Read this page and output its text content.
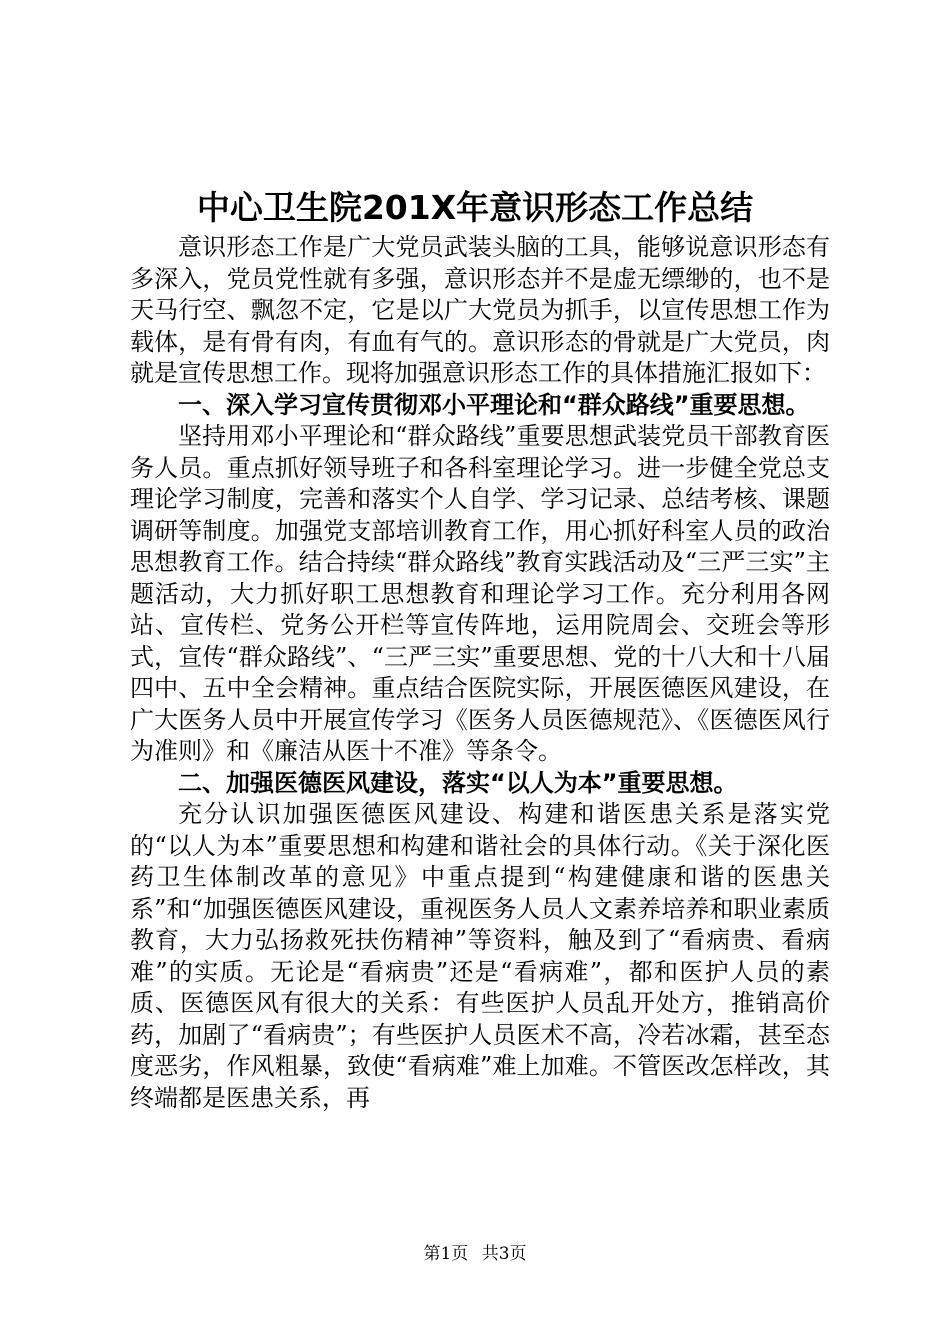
中心卫生院201X年意识形态工作总结

意识形态工作是广大党员武装头脑的工具，能够说意识形态有多深入，党员党性就有多强，意识形态并不是虚无缥缈的，也不是天马行空、飘忽不定，它是以广大党员为抓手，以宣传思想工作为载体，是有骨有肉，有血有气的。意识形态的骨就是广大党员，肉就是宣传思想工作。现将加强意识形态工作的具体措施汇报如下：

一、深入学习宣传贯彻邓小平理论和“群众路线”重要思想。

坚持用邓小平理论和“群众路线”重要思想武装党员干部教育医务人员。重点抓好领导班子和各科室理论学习。进一步健全党总支理论学习制度，完善和落实个人自学、学习记录、总结考核、课题调研等制度。加强党支部培训教育工作，用心抓好科室人员的政治思想教育工作。结合持续“群众路线”教育实践活动及“三严三实”主题活动，大力抓好职工思想教育和理论学习工作。充分利用各网站、宣传栏、党务公开栏等宣传阵地，运用院周会、交班会等形式，宣传“群众路线”、“三严三实”重要思想、党的十八大和十八届四中、五中全会精神。重点结合医院实际，开展医德医风建设，在广大医务人员中开展宣传学习《医务人员医德规范》、《医德医风行为准则》和《廉洁从医十不准》等条令。

二、加强医德医风建设，落实“以人为本”重要思想。

充分认识加强医德医风建设、构建和谐医患关系是落实党的“以人为本”重要思想和构建和谐社会的具体行动。《关于深化医药卫生体制改革的意见》中重点提到“构建健康和谐的医患关系”和“加强医德医风建设，重视医务人员人文素养培养和职业素质教育，大力弘扬救死扶伤精神”等资料，触及到了“看病贵、看病难”的实质。无论是“看病贵”还是“看病难”，都和医护人员的素质、医德医风有很大的关系：有些医护人员乱开处方，推销高价药，加剧了“看病贵”；有些医护人员医术不高，冷若冰霜，甚至态度恶劣，作风粗暴，致使“看病难”难上加难。不管医改怎样改，其终端都是医患关系，再

第1页 共3页
